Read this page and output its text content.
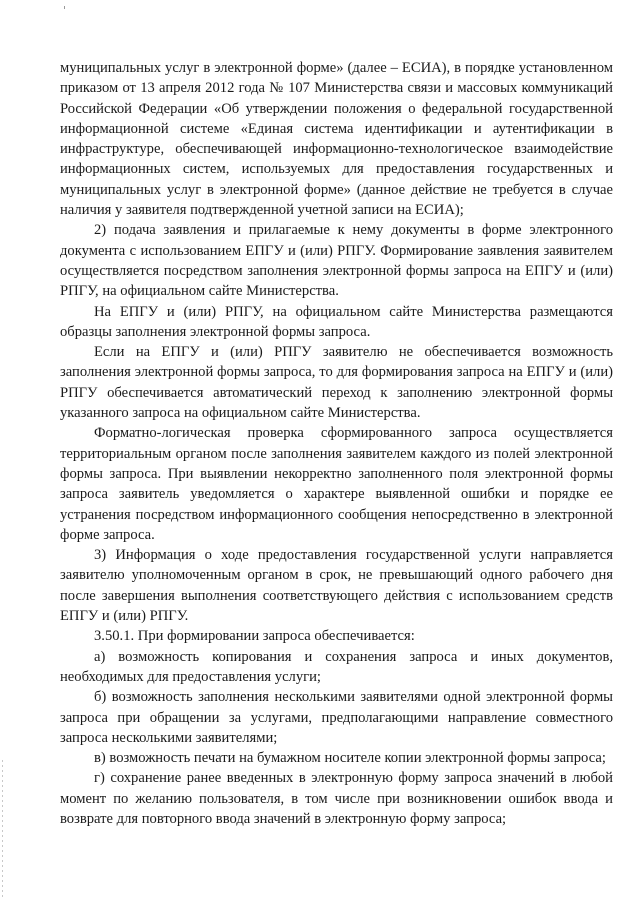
муниципальных услуг в электронной форме» (далее – ЕСИА), в порядке установленном приказом от 13 апреля 2012 года № 107 Министерства связи и массовых коммуникаций Российской Федерации «Об утверждении положения о федеральной государственной информационной системе «Единая система идентификации и аутентификации в инфраструктуре, обеспечивающей информационно-технологическое взаимодействие информационных систем, используемых для предоставления государственных и муниципальных услуг в электронной форме» (данное действие не требуется в случае наличия у заявителя подтвержденной учетной записи на ЕСИА);

2) подача заявления и прилагаемые к нему документы в форме электронного документа с использованием ЕПГУ и (или) РПГУ. Формирование заявления заявителем осуществляется посредством заполнения электронной формы запроса на ЕПГУ и (или) РПГУ, на официальном сайте Министерства.

На ЕПГУ и (или) РПГУ, на официальном сайте Министерства размещаются образцы заполнения электронной формы запроса.

Если на ЕПГУ и (или) РПГУ заявителю не обеспечивается возможность заполнения электронной формы запроса, то для формирования запроса на ЕПГУ и (или) РПГУ обеспечивается автоматический переход к заполнению электронной формы указанного запроса на официальном сайте Министерства.

Форматно-логическая проверка сформированного запроса осуществляется территориальным органом после заполнения заявителем каждого из полей электронной формы запроса. При выявлении некорректно заполненного поля электронной формы запроса заявитель уведомляется о характере выявленной ошибки и порядке ее устранения посредством информационного сообщения непосредственно в электронной форме запроса.

3) Информация о ходе предоставления государственной услуги направляется заявителю уполномоченным органом в срок, не превышающий одного рабочего дня после завершения выполнения соответствующего действия с использованием средств ЕПГУ и (или) РПГУ.

3.50.1. При формировании запроса обеспечивается:

а) возможность копирования и сохранения запроса и иных документов, необходимых для предоставления услуги;

б) возможность заполнения несколькими заявителями одной электронной формы запроса при обращении за услугами, предполагающими направление совместного запроса несколькими заявителями;

в) возможность печати на бумажном носителе копии электронной формы запроса;

г) сохранение ранее введенных в электронную форму запроса значений в любой момент по желанию пользователя, в том числе при возникновении ошибок ввода и возврате для повторного ввода значений в электронную форму запроса;
